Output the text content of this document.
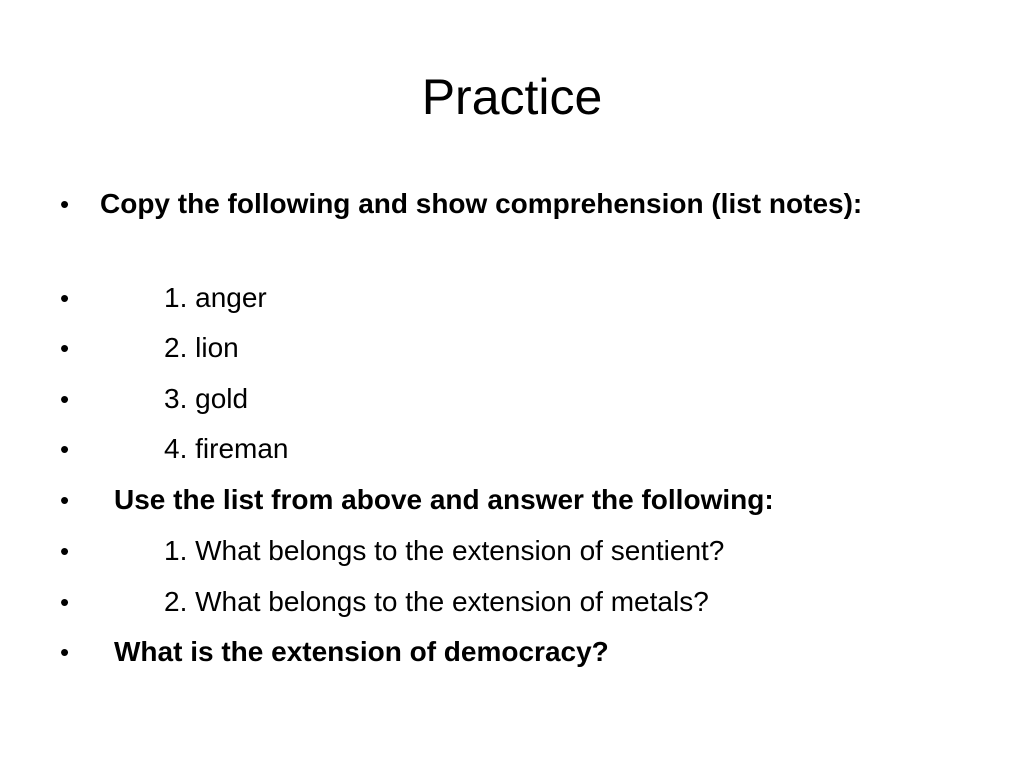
Practice
•	Copy the following and show comprehension (list notes):
•	1. anger
•	2. lion
•	3. gold
•	4. fireman
•	Use the list from above and answer the following:
•	1. What belongs to the extension of sentient?
•	2. What belongs to the extension of metals?
•	What is the extension of democracy?
